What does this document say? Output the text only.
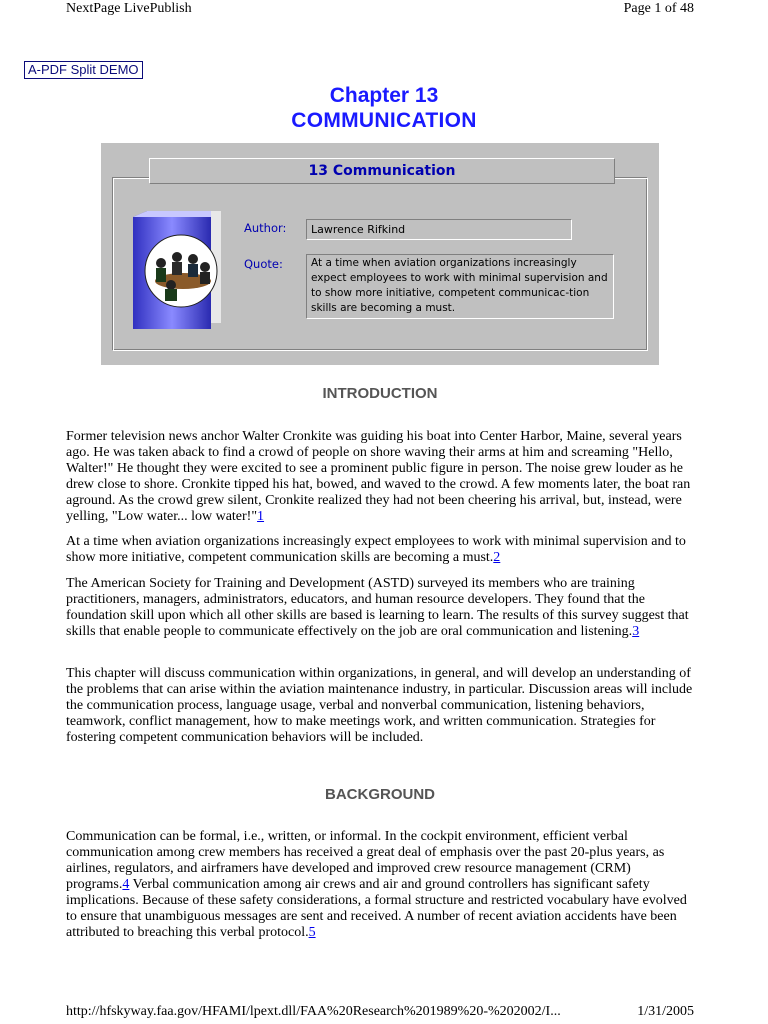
NextPage LivePublish	Page 1 of 48
A-PDF Split DEMO
Chapter 13
COMMUNICATION
13 Communication
Author:	Lawrence Rifkind
Quote:	At a time when aviation organizations increasingly expect employees to work with minimal supervision and to show more initiative, competent communicac-tion skills are becoming a must.
INTRODUCTION

Former television news anchor Walter Cronkite was guiding his boat into Center Harbor, Maine, several years ago. He was taken aback to find a crowd of people on shore waving their arms at him and screaming "Hello, Walter!" He thought they were excited to see a prominent public figure in person. The noise grew louder as he drew close to shore. Cronkite tipped his hat, bowed, and waved to the crowd. A few moments later, the boat ran aground. As the crowd grew silent, Cronkite realized they had not been cheering his arrival, but, instead, were yelling, "Low water... low water!"1

At a time when aviation organizations increasingly expect employees to work with minimal supervision and to show more initiative, competent communication skills are becoming a must.2

The American Society for Training and Development (ASTD) surveyed its members who are training practitioners, managers, administrators, educators, and human resource developers. They found that the foundation skill upon which all other skills are based is learning to learn. The results of this survey suggest that skills that enable people to communicate effectively on the job are oral communication and listening.3

This chapter will discuss communication within organizations, in general, and will develop an understanding of the problems that can arise within the aviation maintenance industry, in particular. Discussion areas will include the communication process, language usage, verbal and nonverbal communication, listening behaviors, teamwork, conflict management, how to make meetings work, and written communication. Strategies for fostering competent communication behaviors will be included.

BACKGROUND

Communication can be formal, i.e., written, or informal. In the cockpit environment, efficient verbal communication among crew members has received a great deal of emphasis over the past 20-plus years, as airlines, regulators, and airframers have developed and improved crew resource management (CRM) programs.4 Verbal communication among air crews and air and ground controllers has significant safety implications. Because of these safety considerations, a formal structure and restricted vocabulary have evolved to ensure that unambiguous messages are sent and received. A number of recent aviation accidents have been attributed to breaching this verbal protocol.5

http://hfskyway.faa.gov/HFAMI/lpext.dll/FAA%20Research%201989%20-%202002/I...	1/31/2005
